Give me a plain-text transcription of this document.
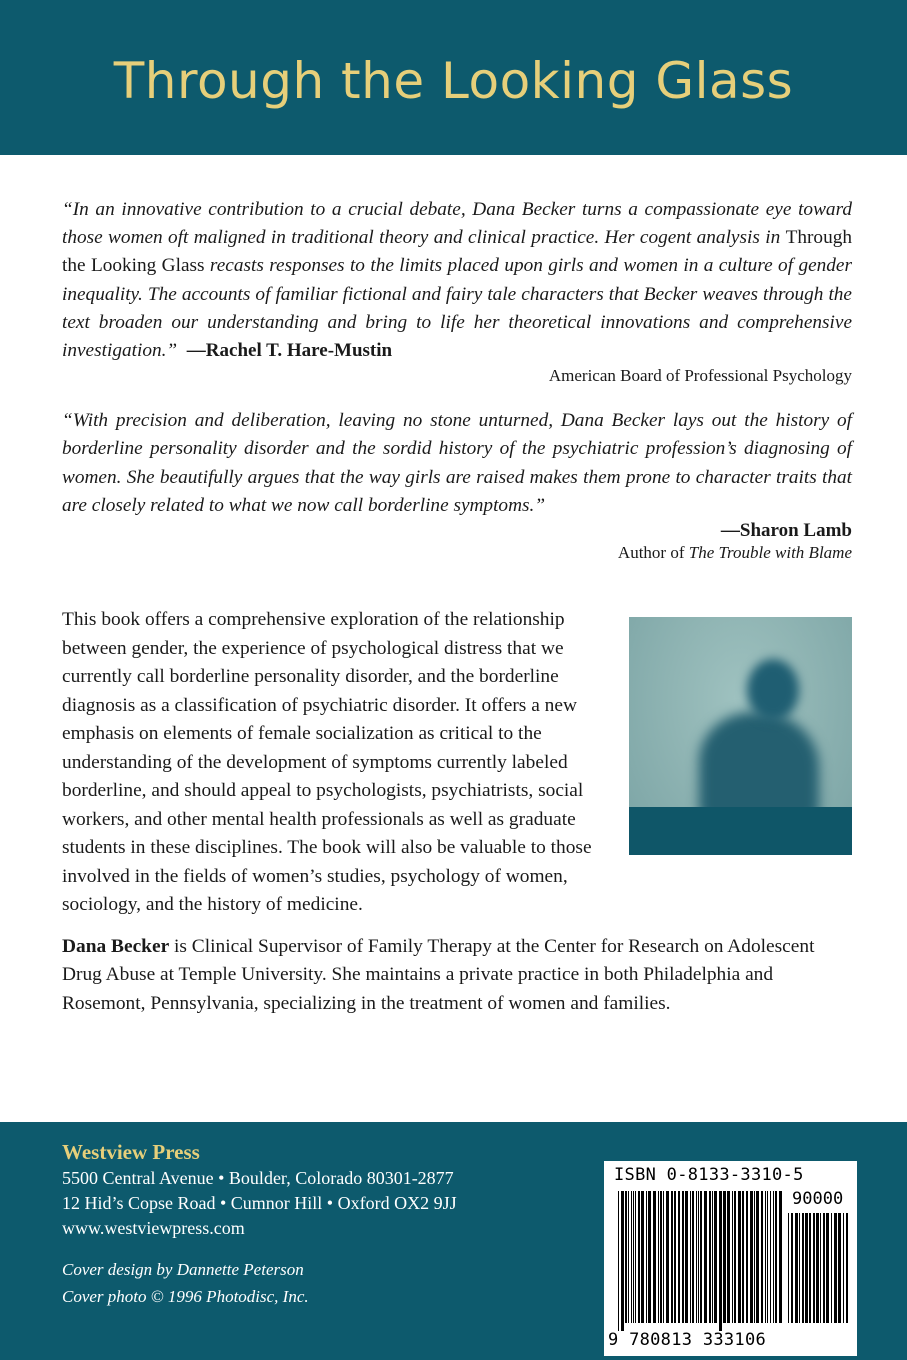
Through the Looking Glass

“In an innovative contribution to a crucial debate, Dana Becker turns a compassionate eye toward those women oft maligned in traditional theory and clinical practice. Her cogent analysis in Through the Looking Glass recasts responses to the limits placed upon girls and women in a culture of gender inequality. The accounts of familiar fictional and fairy tale characters that Becker weaves through the text broaden our understanding and bring to life her theoretical innovations and comprehensive investigation.” —Rachel T. Hare-Mustin

American Board of Professional Psychology

“With precision and deliberation, leaving no stone unturned, Dana Becker lays out the history of borderline personality disorder and the sordid history of the psychiatric profession’s diagnosing of women. She beautifully argues that the way girls are raised makes them prone to character traits that are closely related to what we now call borderline symptoms.”

—Sharon Lamb
Author of The Trouble with Blame

This book offers a comprehensive exploration of the relationship between gender, the experience of psychological distress that we currently call borderline personality disorder, and the borderline diagnosis as a classification of psychiatric disorder. It offers a new emphasis on elements of female socialization as critical to the understanding of the development of symptoms currently labeled borderline, and should appeal to psychologists, psychiatrists, social workers, and other mental health professionals as well as graduate students in these disciplines. The book will also be valuable to those involved in the fields of women’s studies, psychology of women, sociology, and the history of medicine.

Dana Becker is Clinical Supervisor of Family Therapy at the Center for Research on Adolescent Drug Abuse at Temple University. She maintains a private practice in both Philadelphia and Rosemont, Pennsylvania, specializing in the treatment of women and families.

Westview Press
5500 Central Avenue • Boulder, Colorado 80301-2877
12 Hid’s Copse Road • Cumnor Hill • Oxford OX2 9JJ
www.westviewpress.com
Cover design by Dannette Peterson
Cover photo © 1996 Photodisc, Inc.
ISBN 0-8133-3310-5
90000
9 780813 333106
